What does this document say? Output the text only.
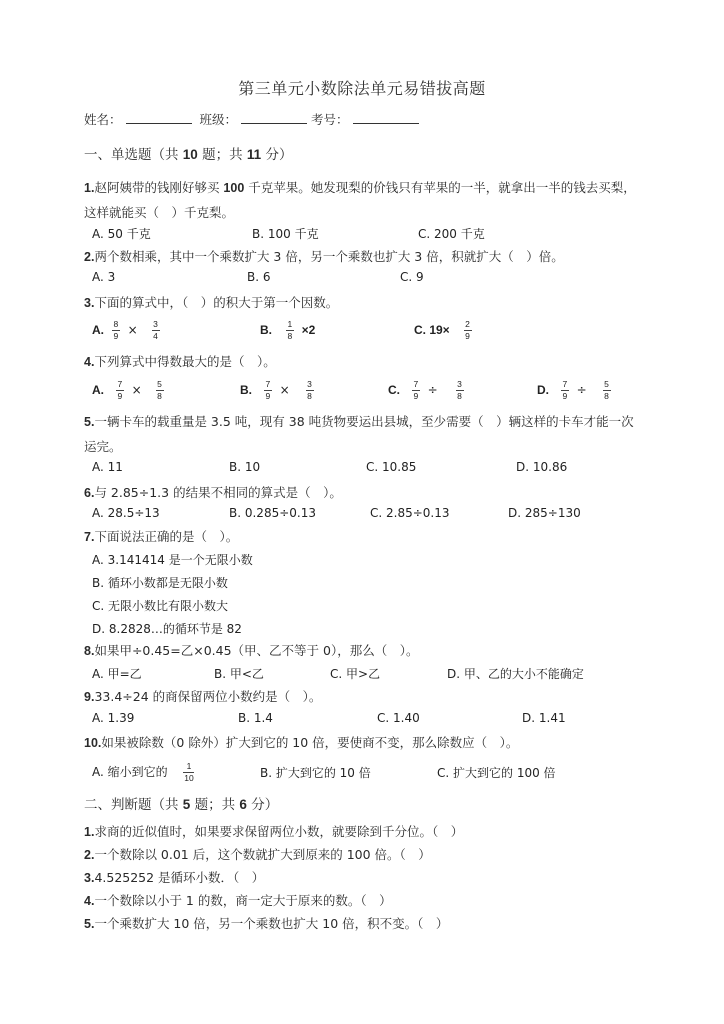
第三单元小数除法单元易错拔高题
姓名：	班级：	考号：
一、单选题（共 10 题；共 11 分）
1.赵阿姨带的钱刚好够买 100 千克苹果。她发现梨的价钱只有苹果的一半，就拿出一半的钱去买梨，
这样就能买（　）千克梨。
A. 50 千克	B. 100 千克	C. 200 千克
2.两个数相乘，其中一个乘数扩大 3 倍，另一个乘数也扩大 3 倍，积就扩大（　）倍。
A. 3	B. 6	C. 9
3.下面的算式中，（　）的积大于第一个因数。
A. $\frac{8}{9} \times \frac{3}{4}$	B. $\frac{1}{8} \times 2$	C. $19\times \frac{2}{9}$
4.下列算式中得数最大的是（　）。
A. $\frac{7}{9} \times \frac{5}{8}$	B. $\frac{7}{9} \times \frac{3}{8}$	C. $\frac{7}{9} \div \frac{3}{8}$	D. $\frac{7}{9} \div \frac{5}{8}$
5.一辆卡车的载重量是 3.5 吨，现有 38 吨货物要运出县城，至少需要（　）辆这样的卡车才能一次
运完。
A. 11	B. 10	C. 10.85	D. 10.86
6.与 2.85÷1.3 的结果不相同的算式是（　）。
A. 28.5÷13	B. 0.285÷0.13	C. 2.85÷0.13	D. 285÷130
7.下面说法正确的是（　）。
A. 3.141414 是一个无限小数
B. 循环小数都是无限小数
C. 无限小数比有限小数大
D. 8.2828…的循环节是 82
8.如果甲÷0.45=乙×0.45（甲、乙不等于 0），那么（　）。
A. 甲=乙	B. 甲<乙	C. 甲>乙	D. 甲、乙的大小不能确定
9.33.4÷24 的商保留两位小数约是（　）。
A. 1.39	B. 1.4	C. 1.40	D. 1.41
10.如果被除数（0 除外）扩大到它的 10 倍，要使商不变，那么除数应（　）。
A. 缩小到它的 $\frac{1}{10}$	B. 扩大到它的 10 倍	C. 扩大到它的 100 倍
二、判断题（共 5 题；共 6 分）
1.求商的近似值时，如果要求保留两位小数，就要除到千分位。（　）
2.一个数除以 0.01 后，这个数就扩大到原来的 100 倍。（　）
3.4.525252 是循环小数．（　）
4.一个数除以小于 1 的数，商一定大于原来的数。（　）
5.一个乘数扩大 10 倍，另一个乘数也扩大 10 倍，积不变。（　）
